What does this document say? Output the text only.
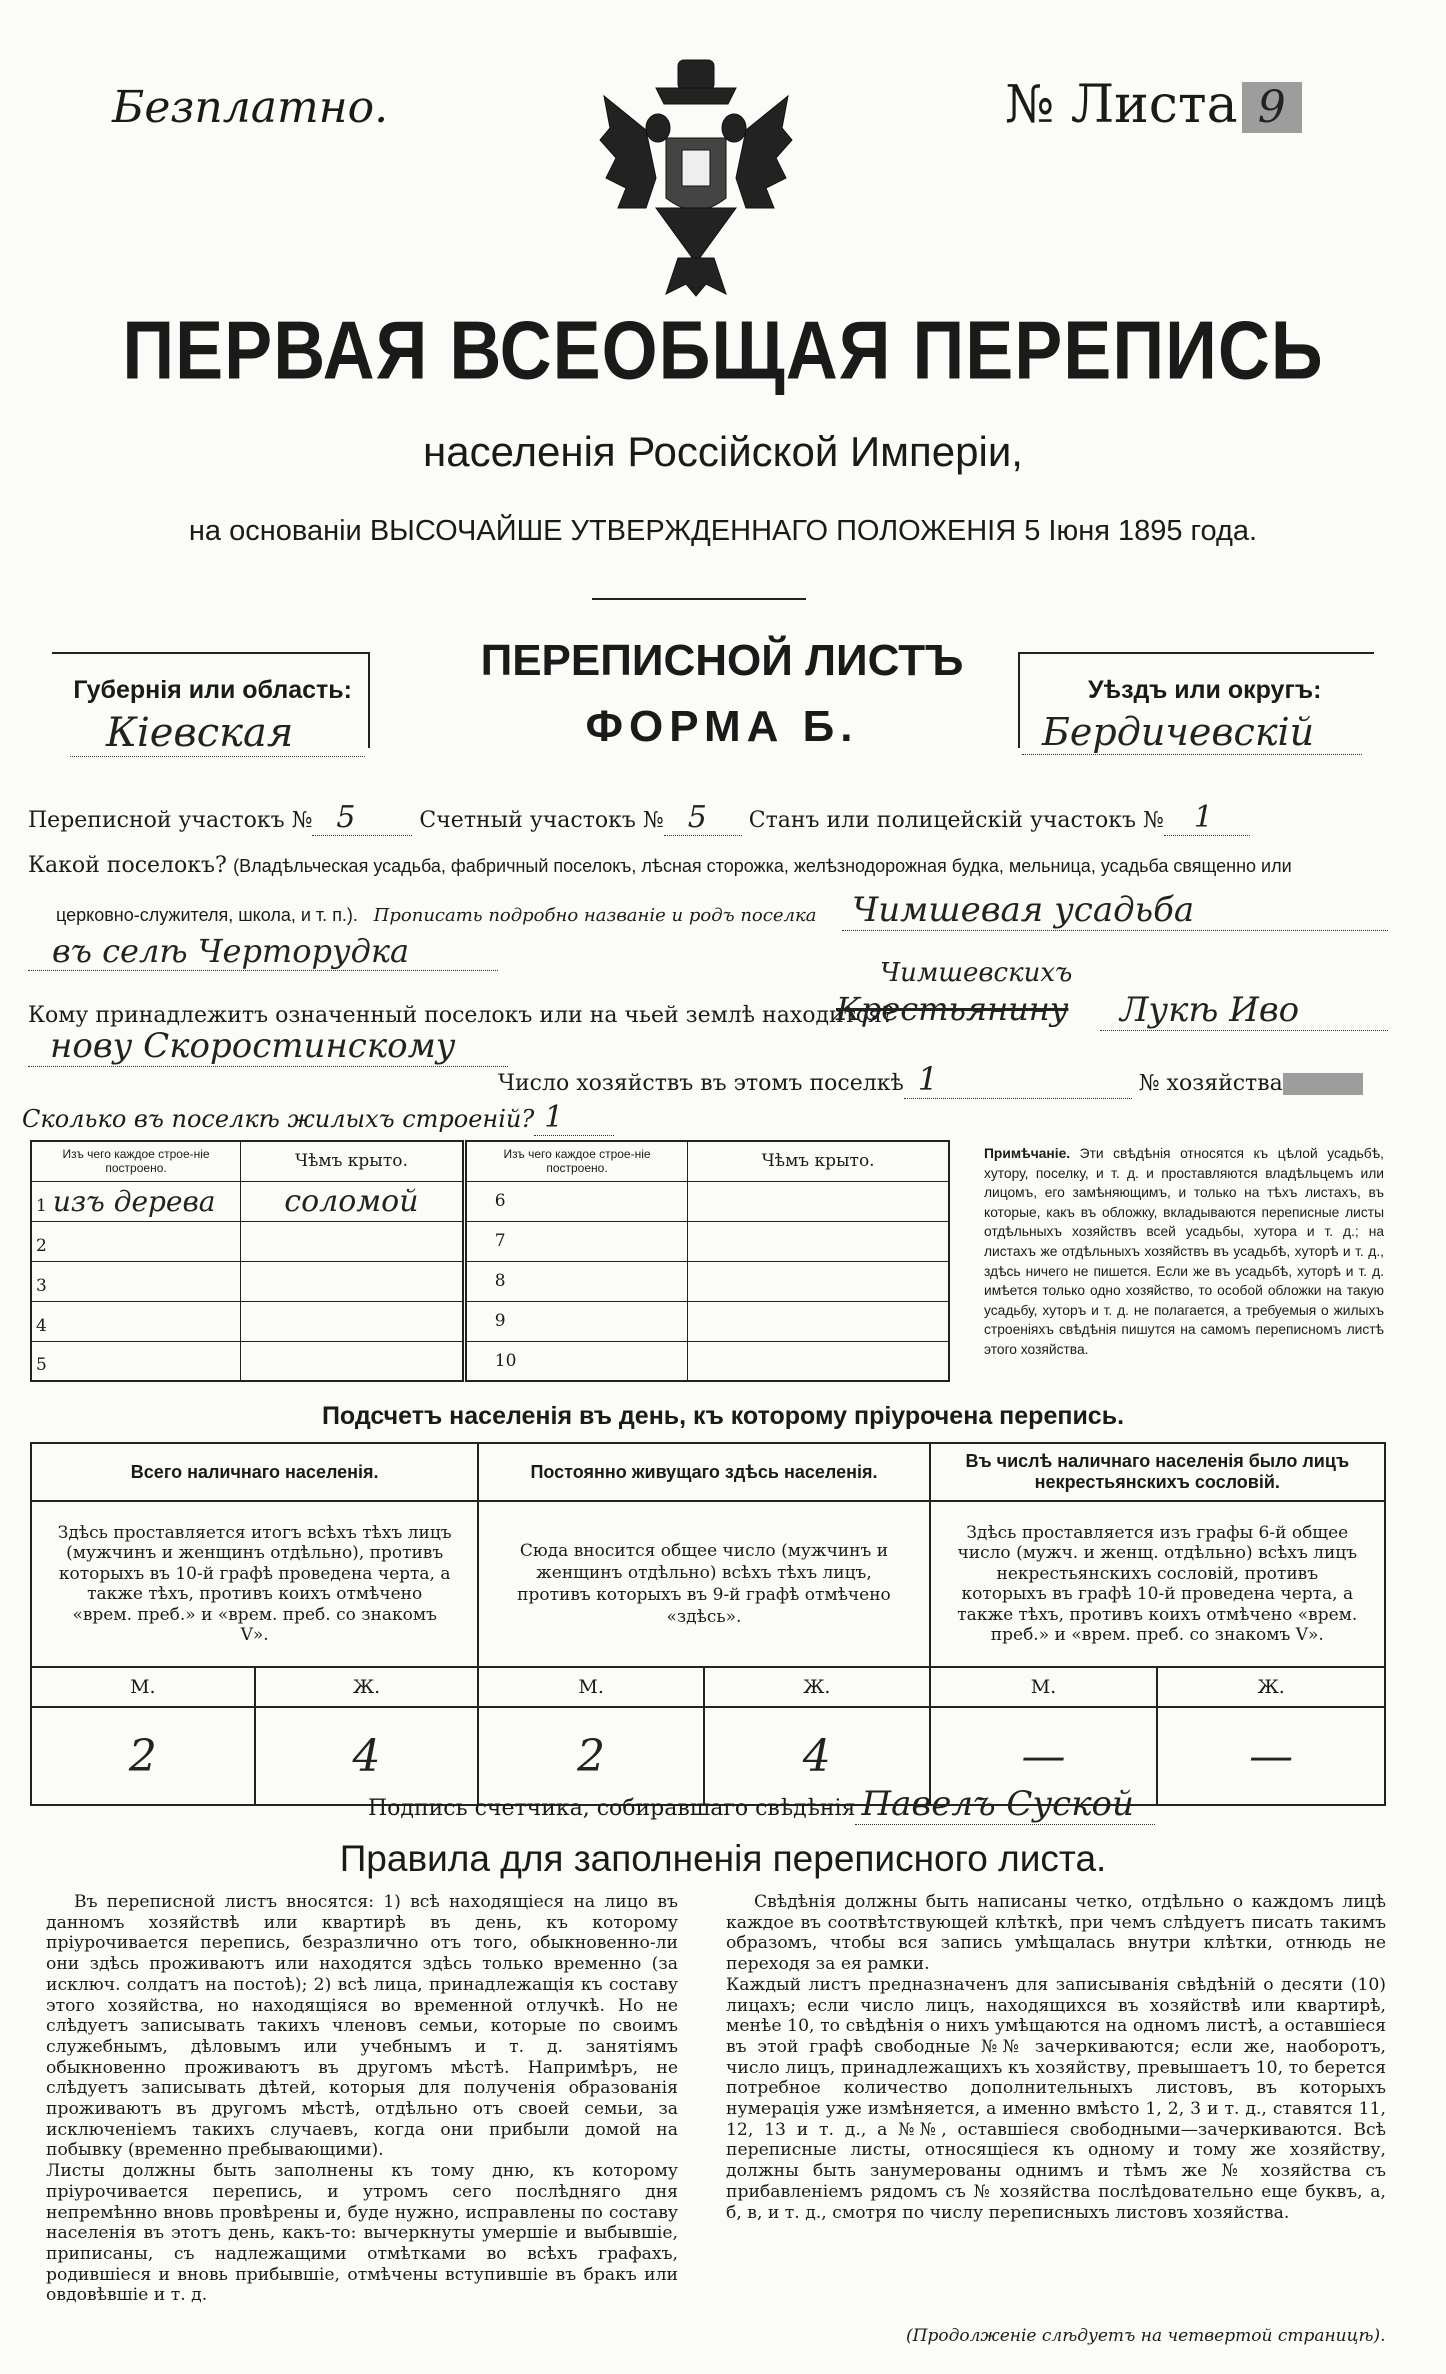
Безплатно.	№ Листа 9
ПЕРВАЯ ВСЕОБЩАЯ ПЕРЕПИСЬ
населенія Россійской Имперіи,
на основаніи ВЫСОЧАЙШЕ УТВЕРЖДЕННАГО ПОЛОЖЕНІЯ 5 Іюня 1895 года.
Губернія или область:
Кіевская
ПЕРЕПИСНОЙ ЛИСТЪ
ФОРМА Б.
Уѣздъ или округъ:
Бердичевскій
Переписной участокъ № 5	Счетный участокъ № 5 Станъ или полицейскій участокъ № 1
Какой поселокъ? (Владѣльческая усадьба, фабричный поселокъ, лѣсная сторожка, желѣзнодорожная будка, мельница, усадьба священно или
церковно-служителя, школа, и т. п.). Прописать подробно названіе и родъ поселка Чимшевая усадьба
въ селѣ Черторудка
Кому принадлежитъ означенный поселокъ или на чьей землѣ находится?
Чимшевскихъ
Крестьянину	Лукѣ Иво
нову Скоростинскому
Число хозяйствъ въ этомъ поселкѣ 1	№ хозяйства
Сколько въ поселкѣ жилыхъ строеній? 1
Изъ чего каждое строе-ніе построено.	Чѣмъ крыто.	Изъ чего каждое строе-ніе построено.	Чѣмъ крыто.
1 изъ дерева	соломой	6	
2		7	
3		8	
4		9	
5		10	
Примѣчаніе. Эти свѣдѣнія относятся къ цѣлой усадьбѣ, хутору, поселку, и т. д. и проставляются владѣльцемъ или лицомъ, его замѣняющимъ, и только на тѣхъ листахъ, въ которые, какъ въ обложку, вкладываются переписные листы отдѣльныхъ хозяйствъ всей усадьбы, хутора и т. д.; на листахъ же отдѣльныхъ хозяйствъ въ усадьбѣ, хуторѣ и т. д., здѣсь ничего не пишется. Если же въ усадьбѣ, хуторѣ и т. д. имѣется только одно хозяйство, то особой обложки на такую усадьбу, хуторъ и т. д. не полагается, а требуемыя о жилыхъ строеніяхъ свѣдѣнія пишутся на самомъ переписномъ листѣ этого хозяйства.
Подсчетъ населенія въ день, къ которому пріурочена перепись.
Всего наличнаго населенія.		Постоянно живущаго здѣсь населенія.		Въ числѣ наличнаго населенія было лицъ некрестьянскихъ сословій.	
Здѣсь проставляется итогъ всѣхъ тѣхъ лицъ (мужчинъ и женщинъ отдѣльно), противъ которыхъ въ 10-й графѣ проведена черта, а также тѣхъ, противъ коихъ отмѣчено «врем. преб.» и «врем. преб. со знакомъ V».		Сюда вносится общее число (мужчинъ и женщинъ отдѣльно) всѣхъ тѣхъ лицъ, противъ которыхъ въ 9-й графѣ отмѣчено «здѣсь».		Здѣсь проставляется изъ графы 6-й общее число (мужч. и женщ. отдѣльно) всѣхъ лицъ некрестьянскихъ сословій, противъ которыхъ въ графѣ 10-й проведена черта, а также тѣхъ, противъ коихъ отмѣчено «врем. преб.» и «врем. преб. со знакомъ V».	
М.	Ж.	М.	Ж.	М.	Ж.
2	4	2	4	—	—
Подпись счетчика, собиравшаго свѣдѣнія Павелъ Суской
Правила для заполненія переписного листа.
Въ переписной листъ вносятся: 1) всѣ находящіеся на лицо въ данномъ хозяйствѣ или квартирѣ въ день, къ которому пріурочивается перепись, безразлично отъ того, обыкновенно-ли они здѣсь проживаютъ или находятся здѣсь только временно (за исключ. солдатъ на постоѣ); 2) всѣ лица, принадлежащія къ составу этого хозяйства, но находящіяся во временной отлучкѣ. Но не слѣдуетъ записывать такихъ членовъ семьи, которые по своимъ служебнымъ, дѣловымъ или учебнымъ и т. д. занятіямъ обыкновенно проживаютъ въ другомъ мѣстѣ. Напримѣръ, не слѣдуетъ записывать дѣтей, которыя для полученія образованія проживаютъ въ другомъ мѣстѣ, отдѣльно отъ своей семьи, за исключеніемъ такихъ случаевъ, когда они прибыли домой на побывку (временно пребывающими).
Листы должны быть заполнены къ тому дню, къ которому пріурочивается перепись, и утромъ сего послѣдняго дня непремѣнно вновь провѣрены и, буде нужно, исправлены по составу населенія въ этотъ день, какъ-то: вычеркнуты умершіе и выбывшіе, приписаны, съ надлежащими отмѣтками во всѣхъ графахъ, родившіеся и вновь прибывшіе, отмѣчены вступившіе въ бракъ или овдовѣвшіе и т. д.
Свѣдѣнія должны быть написаны четко, отдѣльно о каждомъ лицѣ каждое въ соотвѣтствующей клѣткѣ, при чемъ слѣдуетъ писать такимъ образомъ, чтобы вся запись умѣщалась внутри клѣтки, отнюдь не переходя за ея рамки.
Каждый листъ предназначенъ для записыванія свѣдѣній о десяти (10) лицахъ; если число лицъ, находящихся въ хозяйствѣ или квартирѣ, менѣе 10, то свѣдѣнія о нихъ умѣщаются на одномъ листѣ, а оставшіеся въ этой графѣ свободные №№ зачеркиваются; если же, наоборотъ, число лицъ, принадлежащихъ къ хозяйству, превышаетъ 10, то берется потребное количество дополнительныхъ листовъ, въ которыхъ нумерація уже измѣняется, а именно вмѣсто 1, 2, 3 и т. д., ставятся 11, 12, 13 и т. д., а №№, оставшіеся свободными—зачеркиваются. Всѣ переписные листы, относящіеся къ одному и тому же хозяйству, должны быть занумерованы однимъ и тѣмъ же № хозяйства съ прибавленіемъ рядомъ съ № хозяйства послѣдовательно еще буквъ, а, б, в, и т. д., смотря по числу переписныхъ листовъ хозяйства.
(Продолженіе слѣдуетъ на четвертой страницѣ).
